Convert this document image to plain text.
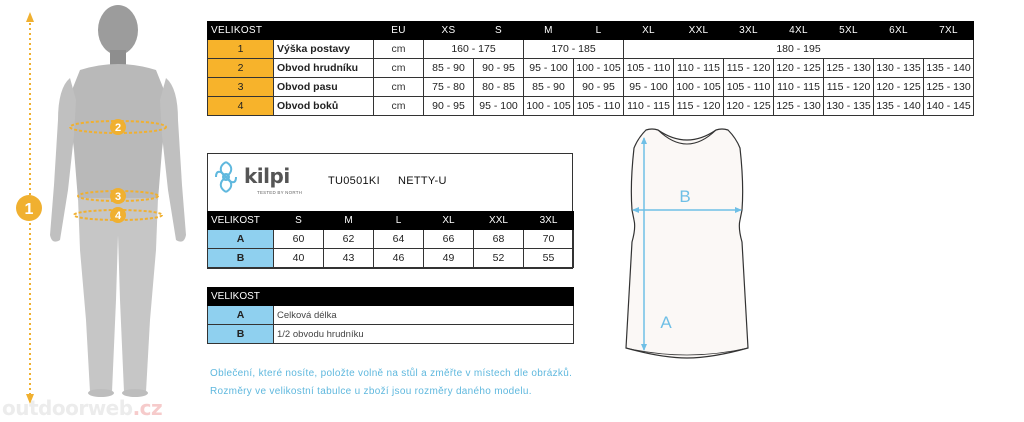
1
2
3
4
outdoorweb.cz
VELIKOST		EU	XS	S	M	L	XL	XXL	3XL	4XL	5XL	6XL	7XL
1	Výška postavy	cm	160 - 175		170 - 185		180 - 195						
2	Obvod hrudníku	cm	85 - 90	90 - 95	95 - 100	100 - 105	105 - 110	110 - 115	115 - 120	120 - 125	125 - 130	130 - 135	135 - 140
3	Obvod pasu	cm	75 - 80	80 - 85	85 - 90	90 - 95	95 - 100	100 - 105	105 - 110	110 - 115	115 - 120	120 - 125	125 - 130
4	Obvod boků	cm	90 - 95	95 - 100	100 - 105	105 - 110	110 - 115	115 - 120	120 - 125	125 - 130	130 - 135	135 - 140	140 - 145
kilpi
TESTED BY NORTH
TU0501KI NETTY-U
VELIKOST	S	M	L	XL	XXL	3XL
A	60	62	64	66	68	70
B	40	43	46	49	52	55
VELIKOST	
A	Celková délka
B	1/2 obvodu hrudníku
Oblečení, které nosíte, položte volně na stůl a změřte v místech dle obrázků.
Rozměry ve velikostní tabulce u zboží jsou rozměry daného modelu.
B
A
